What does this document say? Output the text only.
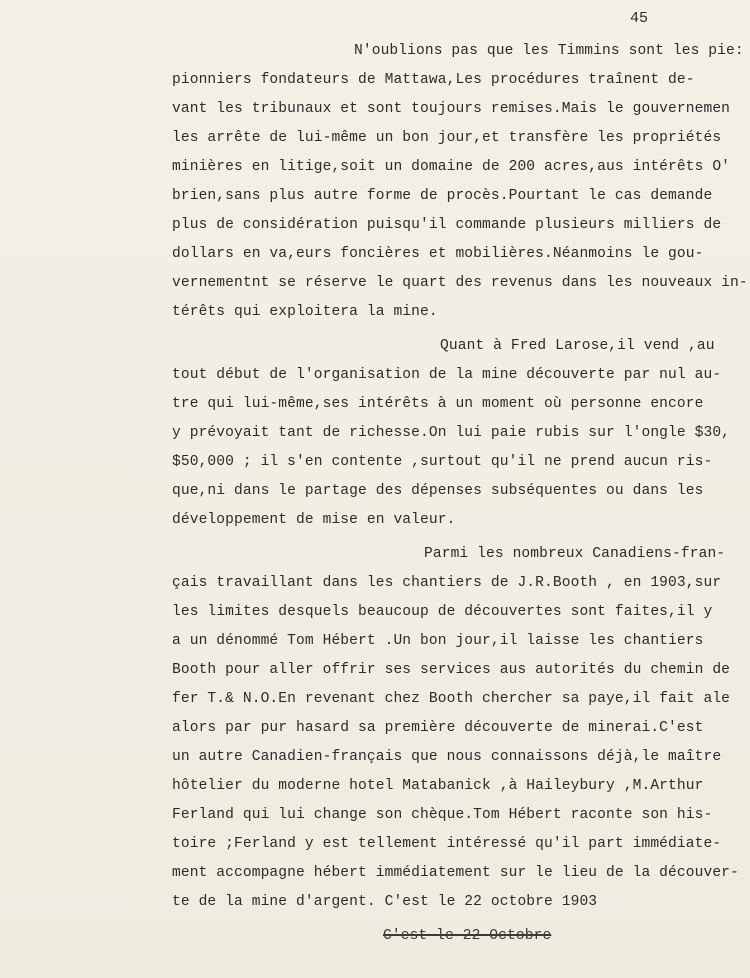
45
N'oublions pas que les Timmins sont les pie:
pionniers fondateurs de Mattawa,Les procédures traînent de-
vant les tribunaux et sont toujours remises.Mais le gouvernemen
les arrête de lui-même un bon jour,et transfère les propriétés
minières en litige,soit un domaine de 200 acres,aus intérêts O'
brien,sans plus autre forme de procès.Pourtant le cas demande
plus de considération puisqu'il commande plusieurs milliers de
dollars en va,eurs foncières et mobilières.Néanmoins le gou-
vernementnt se réserve le quart des revenus dans les nouveaux in-
térêts qui exploitera la mine.
Quant à Fred Larose,il vend ,au
tout début de l'organisation de la mine découverte par nul au-
tre qui lui-même,ses intérêts à un moment où personne encore
y prévoyait tant de richesse.On lui paie rubis sur l'ongle $30,
$50,000 ; il s'en contente ,surtout qu'il ne prend aucun ris-
que,ni dans le partage des dépenses subséquentes ou dans les
développement de mise en valeur.
Parmi les nombreux Canadiens-fran-
çais travaillant dans les chantiers de J.R.Booth , en 1903,sur
les limites desquels beaucoup de découvertes sont faites,il y
a un dénommé Tom Hébert .Un bon jour,il laisse les chantiers
Booth pour aller offrir ses services aus autorités du chemin de
fer T.& N.O.En revenant chez Booth chercher sa paye,il fait ale
alors par pur hasard sa première découverte de minerai.C'est
un autre Canadien-français que nous connaissons déjà,le maître
hôtelier du moderne hotel Matabanick ,à Haileybury ,M.Arthur
Ferland qui lui change son chèque.Tom Hébert raconte son his-
toire ;Ferland y est tellement intéressé qu'il part immédiate-
ment accompagne hébert immédiatement sur le lieu de la découver-
te de la mine d'argent. C'est le 22 octobre 1903
C'est le 22 Octobre
